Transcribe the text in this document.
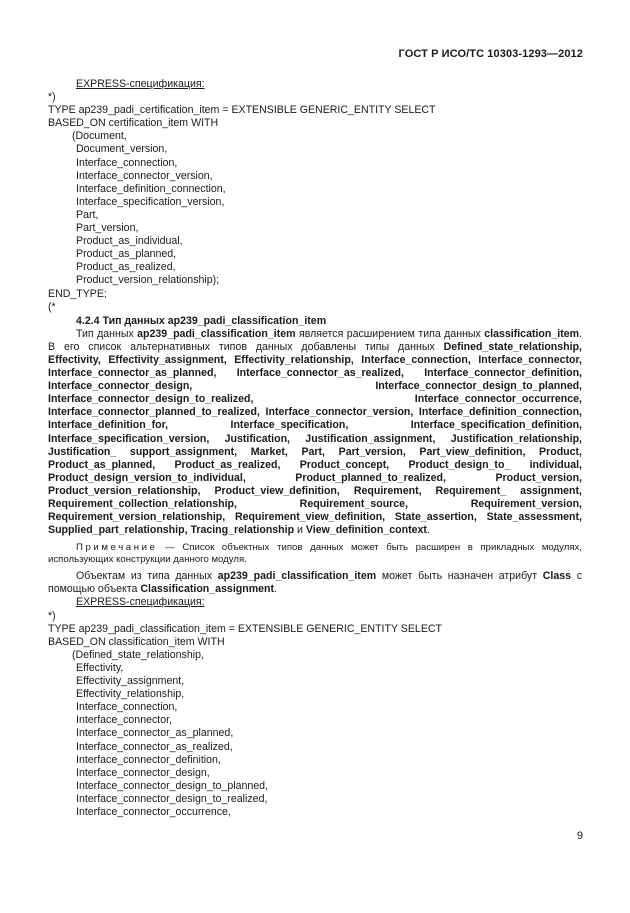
ГОСТ Р ИСО/ТС 10303-1293—2012
EXPRESS-спецификация:
*)
TYPE ap239_padi_certification_item = EXTENSIBLE GENERIC_ENTITY SELECT
BASED_ON certification_item WITH
(Document,
Document_version,
Interface_connection,
Interface_connector_version,
Interface_definition_connection,
Interface_specification_version,
Part,
Part_version,
Product_as_individual,
Product_as_planned,
Product_as_realized,
Product_version_relationship);
END_TYPE;
(*
4.2.4 Тип данных ap239_padi_classification_item
Тип данных ap239_padi_classification_item является расширением типа данных classification_item. В его список альтернативных типов данных добавлены типы данных Defined_state_relationship, Effectivity, Effectivity_assignment, Effectivity_relationship, Interface_connection, Interface_connector, Interface_connector_as_planned, Interface_connector_as_realized, Interface_connector_definition, Interface_connector_design, Interface_connector_design_to_planned, Interface_connector_design_to_realized, Interface_connector_occurrence, Interface_connector_planned_to_realized, Interface_connector_version, Interface_definition_connection, Interface_definition_for, Interface_specification, Interface_specification_definition, Interface_specification_version, Justification, Justification_assignment, Justification_relationship, Justification_ support_assignment, Market, Part, Part_version, Part_view_definition, Product, Product_as_planned, Product_as_realized, Product_concept, Product_design_to_ individual, Product_design_version_to_individual, Product_planned_to_realized, Product_version, Product_version_relationship, Product_view_definition, Requirement, Requirement_ assignment, Requirement_collection_relationship, Requirement_source, Requirement_version, Requirement_version_relationship, Requirement_view_definition, State_assertion, State_assessment, Supplied_part_relationship, Tracing_relationship и View_definition_context.
Примечание — Список объектных типов данных может быть расширен в прикладных модулях, использующих конструкции данного модуля.
Объектам из типа данных ap239_padi_classification_item может быть назначен атрибут Class с помощью объекта Classification_assignment.
EXPRESS-спецификация:
*)
TYPE ap239_padi_classification_item = EXTENSIBLE GENERIC_ENTITY SELECT
BASED_ON classification_item WITH
(Defined_state_relationship,
Effectivity,
Effectivity_assignment,
Effectivity_relationship,
Interface_connection,
Interface_connector,
Interface_connector_as_planned,
Interface_connector_as_realized,
Interface_connector_definition,
Interface_connector_design,
Interface_connector_design_to_planned,
Interface_connector_design_to_realized,
Interface_connector_occurrence,
9
